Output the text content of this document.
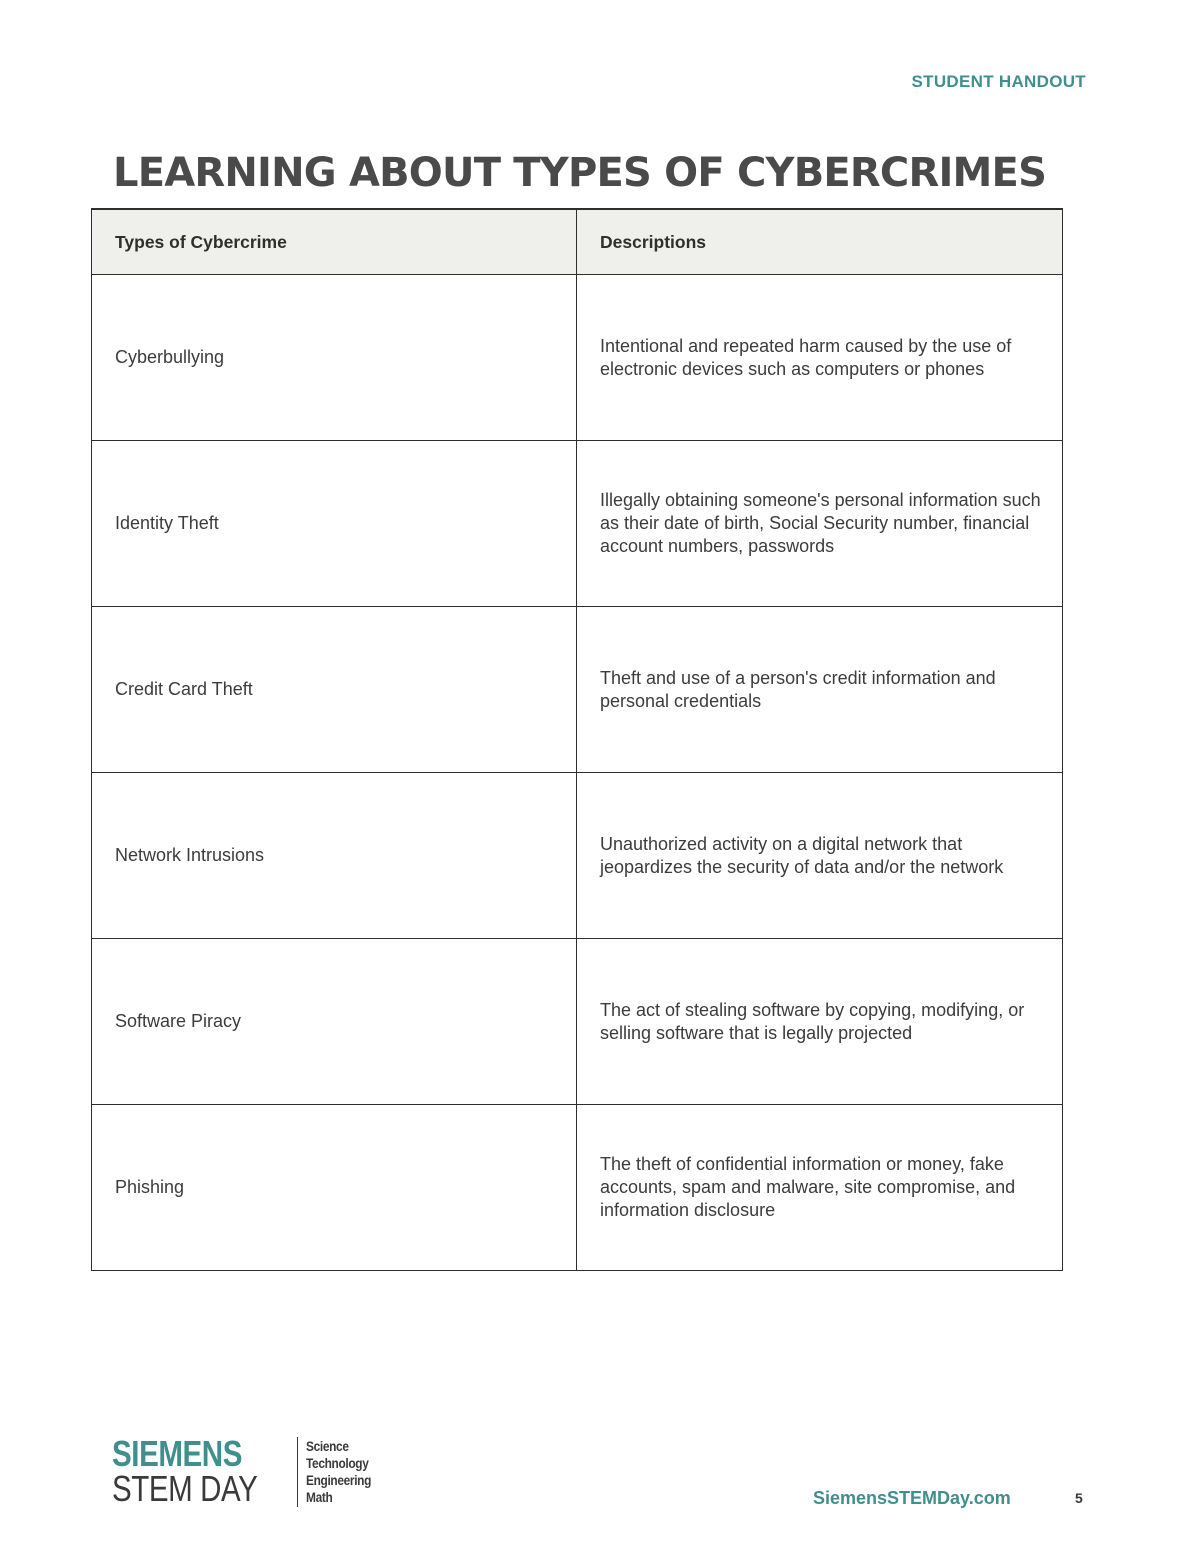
STUDENT HANDOUT
LEARNING ABOUT TYPES OF CYBERCRIMES
Types of Cybercrime	Descriptions
Cyberbullying	Intentional and repeated harm caused by the use of electronic devices such as computers or phones
Identity Theft	Illegally obtaining someone's personal information such as their date of birth, Social Security number, financial account numbers, passwords
Credit Card Theft	Theft and use of a person's credit information and personal credentials
Network Intrusions	Unauthorized activity on a digital network that jeopardizes the security of data and/or the network
Software Piracy	The act of stealing software by copying, modifying, or selling software that is legally projected
Phishing	The theft of confidential information or money, fake accounts, spam and malware, site compromise, and information disclosure
SIEMENS
STEM DAY
Science
Technology
Engineering
Math	SiemensSTEMDay.com	5
